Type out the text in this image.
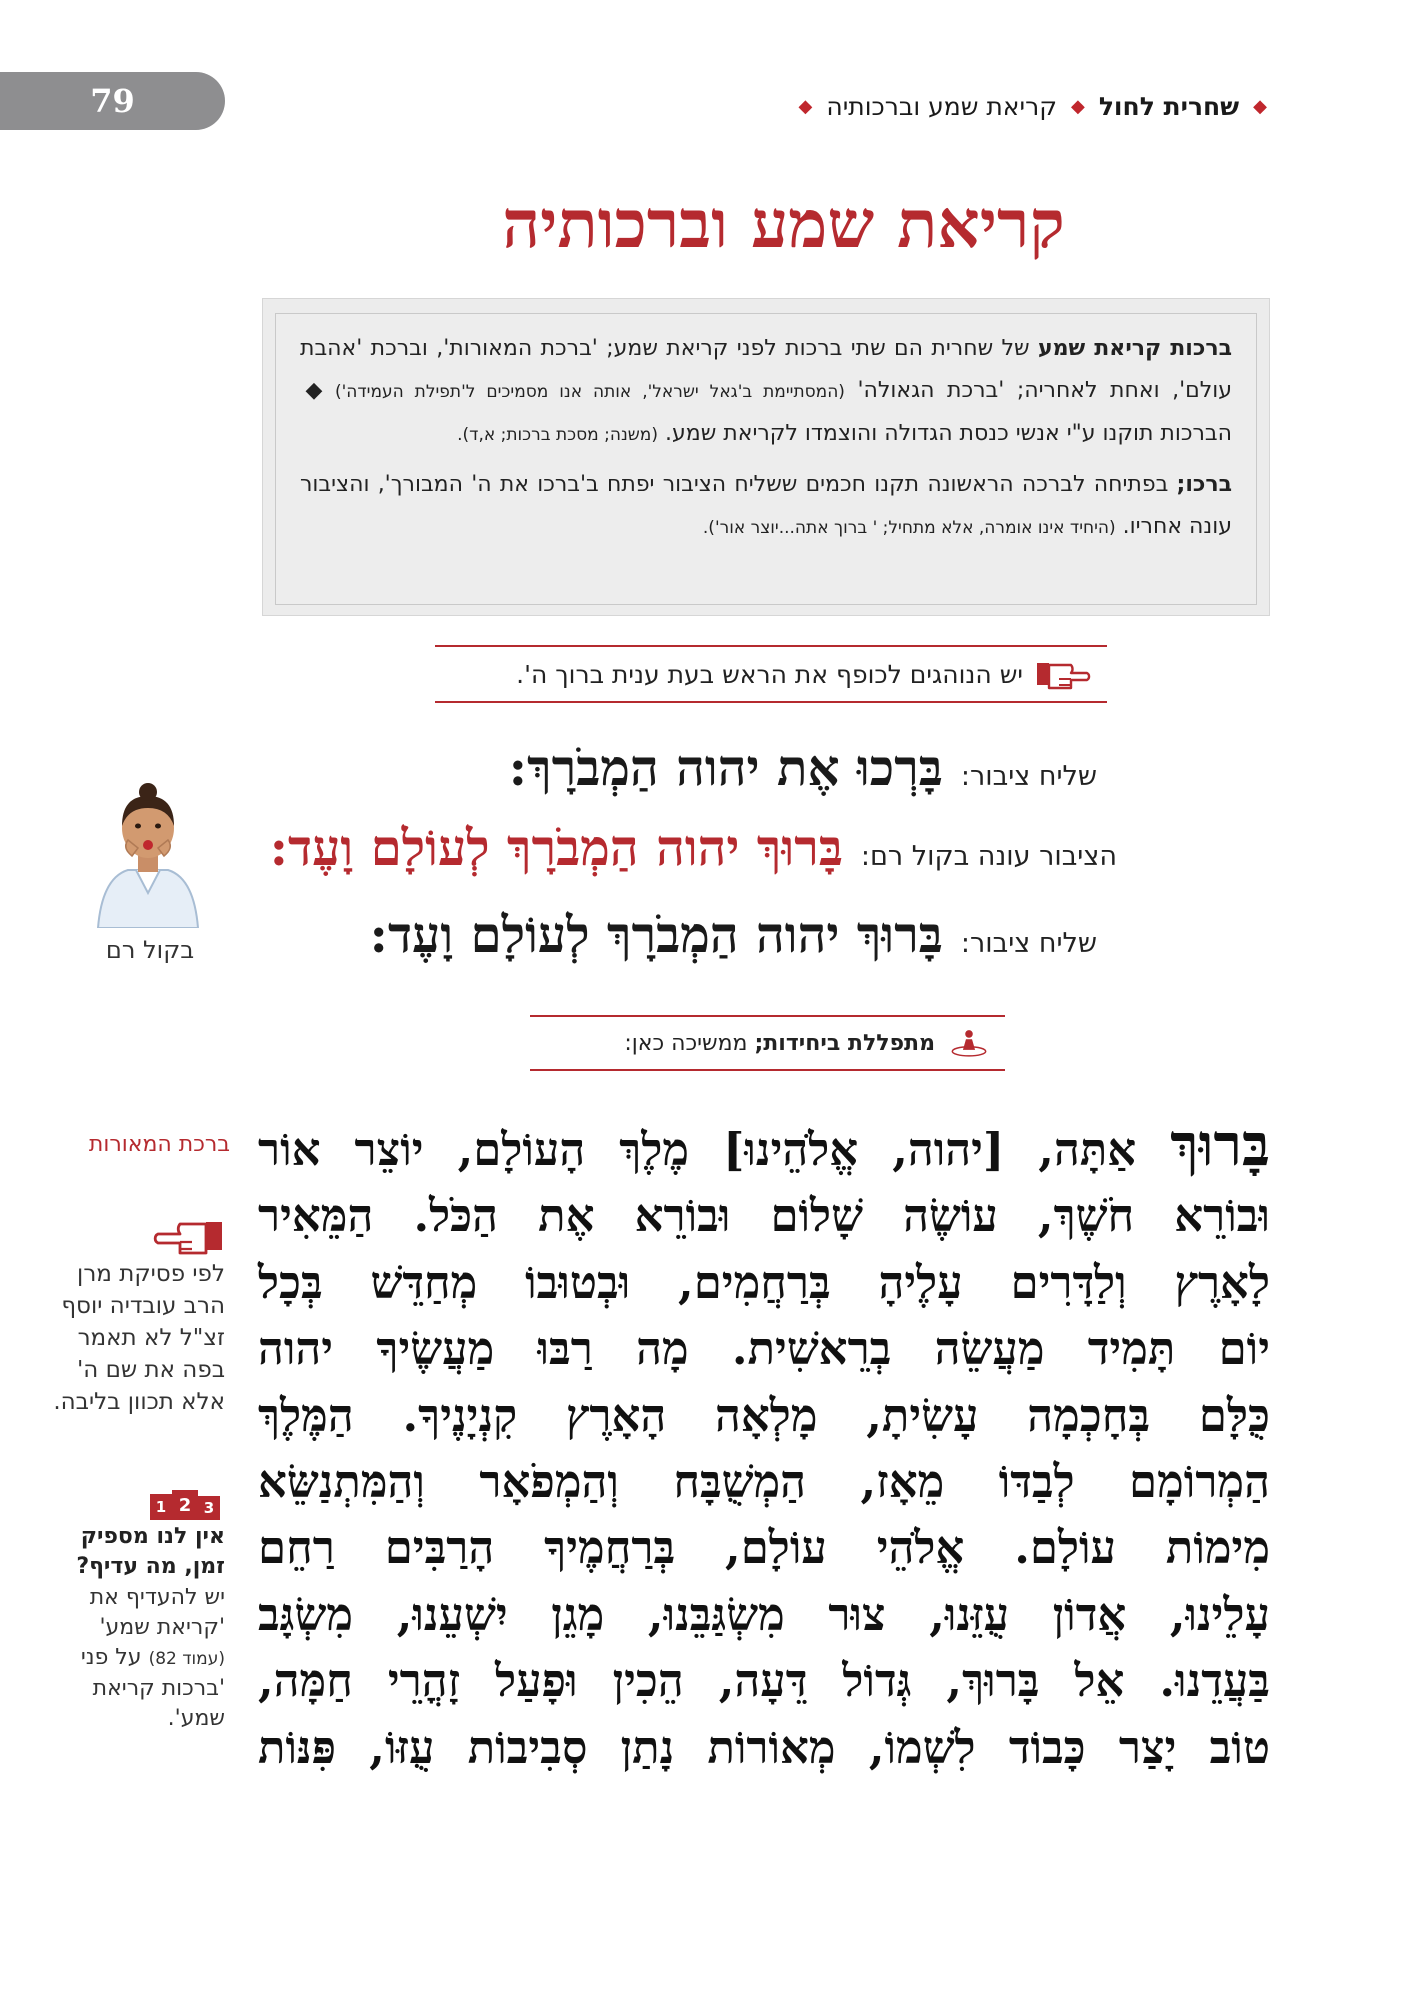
79	◆
שחרית לחול
◆
קריאת שמע וברכותיה
◆
קריאת שמע וברכותיה

ברכות קריאת שמע של שחרית הם שתי ברכות לפני קריאת שמע; 'ברכת המאורות', וברכת 'אהבת עולם', ואחת לאחריה; 'ברכת הגאולה' (המסתיימת ב'גאל ישראל', אותה אנו מסמיכים ל'תפילת העמידה') ◆ הברכות תוקנו ע"י אנשי כנסת הגדולה והוצמדו לקריאת שמע. (משנה; מסכת ברכות; א,ד).

ברכו; בפתיחה לברכה הראשונה תקנו חכמים ששליח הציבור יפתח ב'ברכו את ה' המבורך', והציבור עונה אחריו. (היחיד אינו אומרה, אלא מתחיל; ' ברוך אתה...יוצר אור').

יש הנוהגים לכופף את הראש בעת ענית ברוך ה'.
שליח ציבור:
בָּרְכוּ אֶת יהוה הַמְבֹרָךְ:
הציבור עונה בקול רם:
בָּרוּךְ יהוה הַמְבֹרָךְ לְעוֹלָם וָעֶד:
שליח ציבור:
בָּרוּךְ יהוה הַמְבֹרָךְ לְעוֹלָם וָעֶד:
בקול רם
מתפללת ביחידות; ממשיכה כאן:
ברכת המאורות
לפי פסיקת מרן הרב עובדיה יוסף זצ"ל לא תאמר בפה את שם ה' אלא תכוון בליבה.
1 2 3
אין לנו מספיק זמן, מה עדיף?
יש להעדיף את 'קריאת שמע' (עמוד 82) על פני 'ברכות קריאת שמע'.
בָּרוּךְ אַתָּה, [יהוה, אֱלֹהֵינוּ] מֶלֶךְ הָעוֹלָם, יוֹצֵר אוֹר
וּבוֹרֵא חֹשֶׁךְ, עוֹשֶׂה שָׁלוֹם וּבוֹרֵא אֶת הַכֹּל. הַמֵּאִיר
לָאָרֶץ וְלַדָּרִים עָלֶיהָ בְּרַחֲמִים, וּבְטוּבוֹ מְחַדֵּשׁ בְּכָל
יוֹם תָּמִיד מַעֲשֵׂה בְרֵאשִׁית. מָה רַבּוּ מַעֲשֶׂיךָ יהוה
כֻּלָּם בְּחָכְמָה עָשִׂיתָ, מָלְאָה הָאָרֶץ קִנְיָנֶיךָ. הַמֶּלֶךְ
הַמְרוֹמָם לְבַדּוֹ מֵאָז, הַמְשֻׁבָּח וְהַמְפֹאָר וְהַמִּתְנַשֵּׂא
מִימוֹת עוֹלָם. אֱלֹהֵי עוֹלָם, בְּרַחֲמֶיךָ הָרַבִּים רַחֵם
עָלֵינוּ, אֲדוֹן עֻזֵּנוּ, צוּר מִשְׂגַּבֵּנוּ, מָגֵן יִשְׁעֵנוּ, מִשְׂגָּב
בַּעֲדֵנוּ. אֵל בָּרוּךְ, גְּדוֹל דֵּעָה, הֵכִין וּפָעַל זָהֳרֵי חַמָּה,
טוֹב יָצַר כָּבוֹד לִשְׁמוֹ, מְאוֹרוֹת נָתַן סְבִיבוֹת עֻזּוֹ, פִּנּוֹת
